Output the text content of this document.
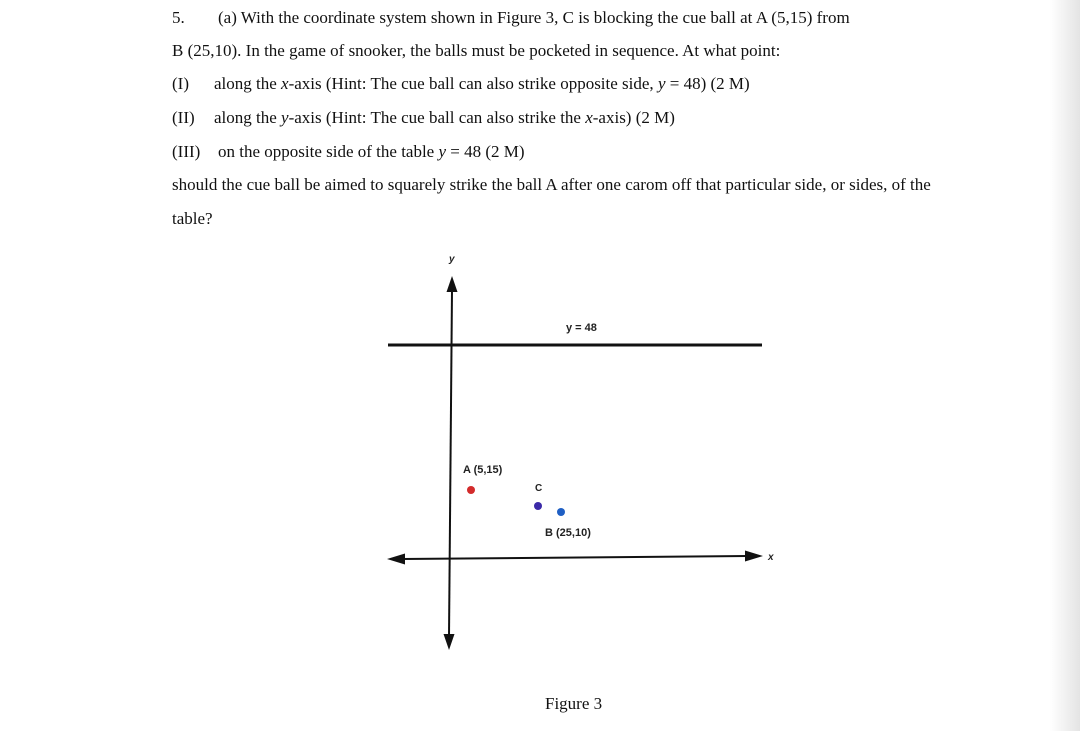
5. (a) With the coordinate system shown in Figure 3, C is blocking the cue ball at A (5,15) from
B (25,10). In the game of snooker, the balls must be pocketed in sequence. At what point:
(I) along the x-axis (Hint: The cue ball can also strike opposite side, y = 48) (2 M)
(II) along the y-axis (Hint: The cue ball can also strike the x-axis) (2 M)
(III) on the opposite side of the table y = 48 (2 M)
should the cue ball be aimed to squarely strike the ball A after one carom off that particular side, or sides, of the
table?
y
y = 48
x
A (5,15)
C
B (25,10)
Figure 3
